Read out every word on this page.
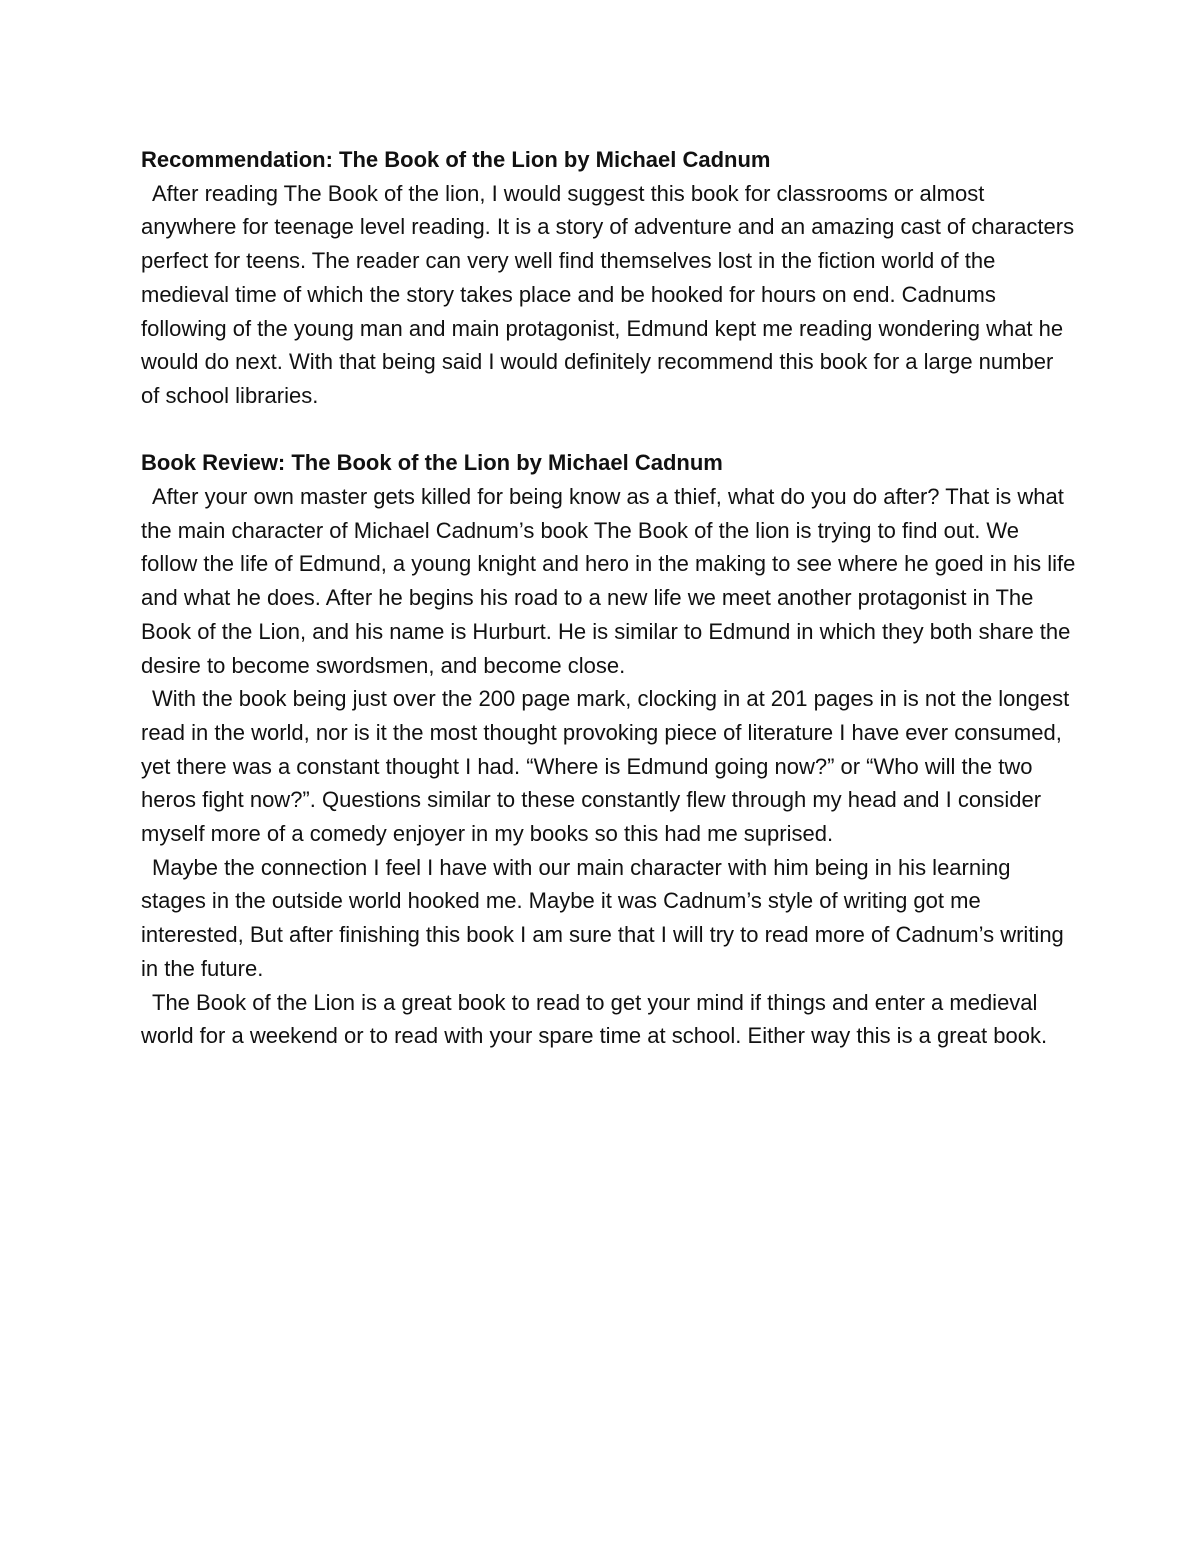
Recommendation: The Book of the Lion by Michael Cadnum

After reading The Book of the lion, I would suggest this book for classrooms or almost anywhere for teenage level reading. It is a story of adventure and an amazing cast of characters perfect for teens. The reader can very well find themselves lost in the fiction world of the medieval time of which the story takes place and be hooked for hours on end. Cadnums following of the young man and main protagonist, Edmund kept me reading wondering what he would do next. With that being said I would definitely recommend this book for a large number of school libraries.

Book Review: The Book of the Lion by Michael Cadnum

After your own master gets killed for being know as a thief, what do you do after? That is what the main character of Michael Cadnum’s book The Book of the lion is trying to find out. We follow the life of Edmund, a young knight and hero in the making to see where he goed in his life and what he does. After he begins his road to a new life we meet another protagonist in The Book of the Lion, and his name is Hurburt. He is similar to Edmund in which they both share the desire to become swordsmen, and become close.

With the book being just over the 200 page mark, clocking in at 201 pages in is not the longest read in the world, nor is it the most thought provoking piece of literature I have ever consumed, yet there was a constant thought I had. “Where is Edmund going now?” or “Who will the two heros fight now?”. Questions similar to these constantly flew through my head and I consider myself more of a comedy enjoyer in my books so this had me suprised.

Maybe the connection I feel I have with our main character with him being in his learning stages in the outside world hooked me. Maybe it was Cadnum’s style of writing got me interested, But after finishing this book I am sure that I will try to read more of Cadnum’s writing in the future.

The Book of the Lion is a great book to read to get your mind if things and enter a medieval world for a weekend or to read with your spare time at school. Either way this is a great book.
